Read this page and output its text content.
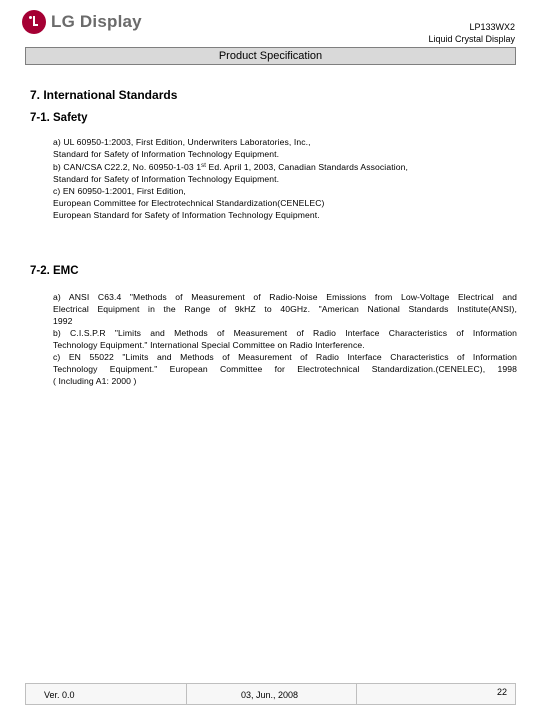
LG Display	LP133WX2
Liquid Crystal Display
Product Specification
7. International Standards
7-1. Safety
a) UL 60950-1:2003, First Edition, Underwriters Laboratories, Inc.,
Standard for Safety of Information Technology Equipment.
b) CAN/CSA C22.2, No. 60950-1-03 1st Ed. April 1, 2003, Canadian Standards Association,
Standard for Safety of Information Technology Equipment.
c) EN 60950-1:2001, First Edition,
European Committee for Electrotechnical Standardization(CENELEC)
European Standard for Safety of Information Technology Equipment.
7-2. EMC
a) ANSI C63.4 "Methods of Measurement of Radio-Noise Emissions from Low-Voltage Electrical and
Electrical Equipment in the Range of 9kHZ to 40GHz. "American National Standards Institute(ANSI),
1992
b) C.I.S.P.R "Limits and Methods of Measurement of Radio Interface Characteristics of Information
Technology Equipment." International Special Committee on Radio Interference.
c) EN 55022 "Limits and Methods of Measurement of Radio Interface Characteristics of Information
Technology Equipment." European Committee for Electrotechnical Standardization.(CENELEC), 1998
( Including A1: 2000 )
Ver. 0.0	03, Jun., 2008	22
